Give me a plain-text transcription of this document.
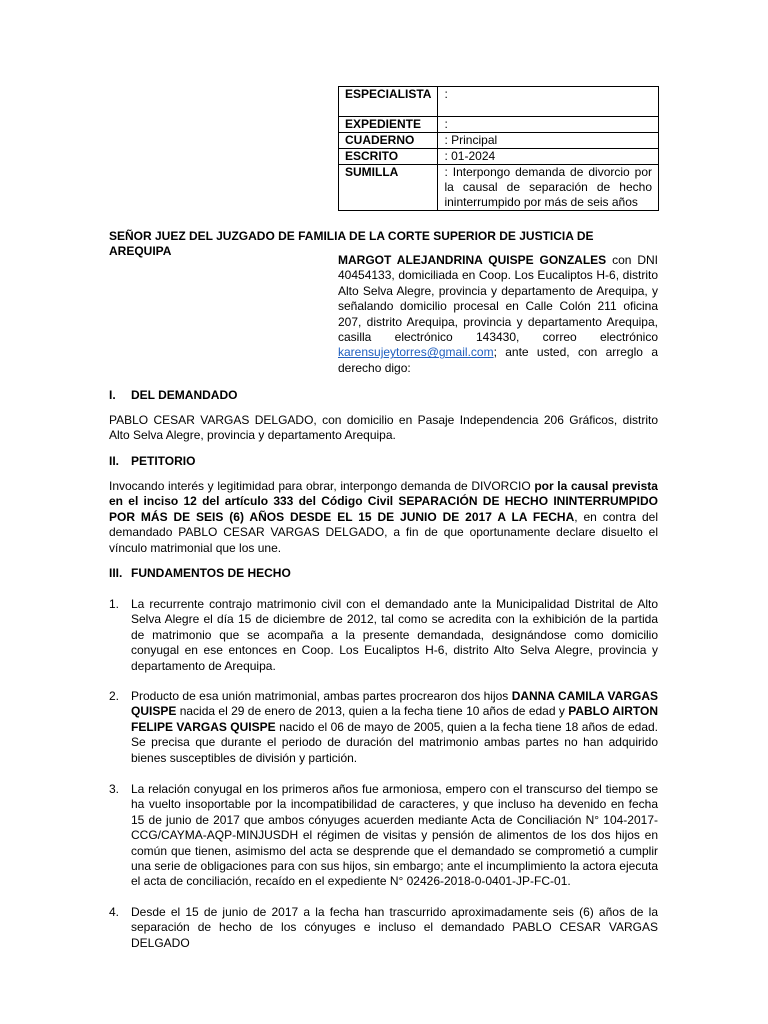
ESPECIALISTA	:
EXPEDIENTE	:
CUADERNO	: Principal
ESCRITO	: 01-2024
SUMILLA	: Interpongo demanda de divorcio por la causal de separación de hecho ininterrumpido por más de seis años
SEÑOR JUEZ DEL JUZGADO DE FAMILIA DE LA CORTE SUPERIOR DE JUSTICIA DE AREQUIPA
MARGOT ALEJANDRINA QUISPE GONZALES con DNI 40454133, domiciliada en Coop. Los Eucaliptos H-6, distrito Alto Selva Alegre, provincia y departamento de Arequipa, y señalando domicilio procesal en Calle Colón 211 oficina 207, distrito Arequipa, provincia y departamento Arequipa, casilla electrónico 143430, correo electrónico karensujeytorres@gmail.com; ante usted, con arreglo a derecho digo:
I. DEL DEMANDADO
PABLO CESAR VARGAS DELGADO, con domicilio en Pasaje Independencia 206 Gráficos, distrito Alto Selva Alegre, provincia y departamento Arequipa.
II. PETITORIO
Invocando interés y legitimidad para obrar, interpongo demanda de DIVORCIO por la causal prevista en el inciso 12 del artículo 333 del Código Civil SEPARACIÓN DE HECHO ININTERRUMPIDO POR MÁS DE SEIS (6) AÑOS DESDE EL 15 DE JUNIO DE 2017 A LA FECHA, en contra del demandado PABLO CESAR VARGAS DELGADO, a fin de que oportunamente declare disuelto el vínculo matrimonial que los une.
III. FUNDAMENTOS DE HECHO
1. La recurrente contrajo matrimonio civil con el demandado ante la Municipalidad Distrital de Alto Selva Alegre el día 15 de diciembre de 2012, tal como se acredita con la exhibición de la partida de matrimonio que se acompaña a la presente demandada, designándose como domicilio conyugal en ese entonces en Coop. Los Eucaliptos H-6, distrito Alto Selva Alegre, provincia y departamento de Arequipa.
2. Producto de esa unión matrimonial, ambas partes procrearon dos hijos DANNA CAMILA VARGAS QUISPE nacida el 29 de enero de 2013, quien a la fecha tiene 10 años de edad y PABLO AIRTON FELIPE VARGAS QUISPE nacido el 06 de mayo de 2005, quien a la fecha tiene 18 años de edad. Se precisa que durante el periodo de duración del matrimonio ambas partes no han adquirido bienes susceptibles de división y partición.
3. La relación conyugal en los primeros años fue armoniosa, empero con el transcurso del tiempo se ha vuelto insoportable por la incompatibilidad de caracteres, y que incluso ha devenido en fecha 15 de junio de 2017 que ambos cónyuges acuerden mediante Acta de Conciliación N° 104-2017-CCG/CAYMA-AQP-MINJUSDH el régimen de visitas y pensión de alimentos de los dos hijos en común que tienen, asimismo del acta se desprende que el demandado se comprometió a cumplir una serie de obligaciones para con sus hijos, sin embargo; ante el incumplimiento la actora ejecuta el acta de conciliación, recaído en el expediente N° 02426-2018-0-0401-JP-FC-01.
4. Desde el 15 de junio de 2017 a la fecha han trascurrido aproximadamente seis (6) años de la separación de hecho de los cónyuges e incluso el demandado PABLO CESAR VARGAS DELGADO
